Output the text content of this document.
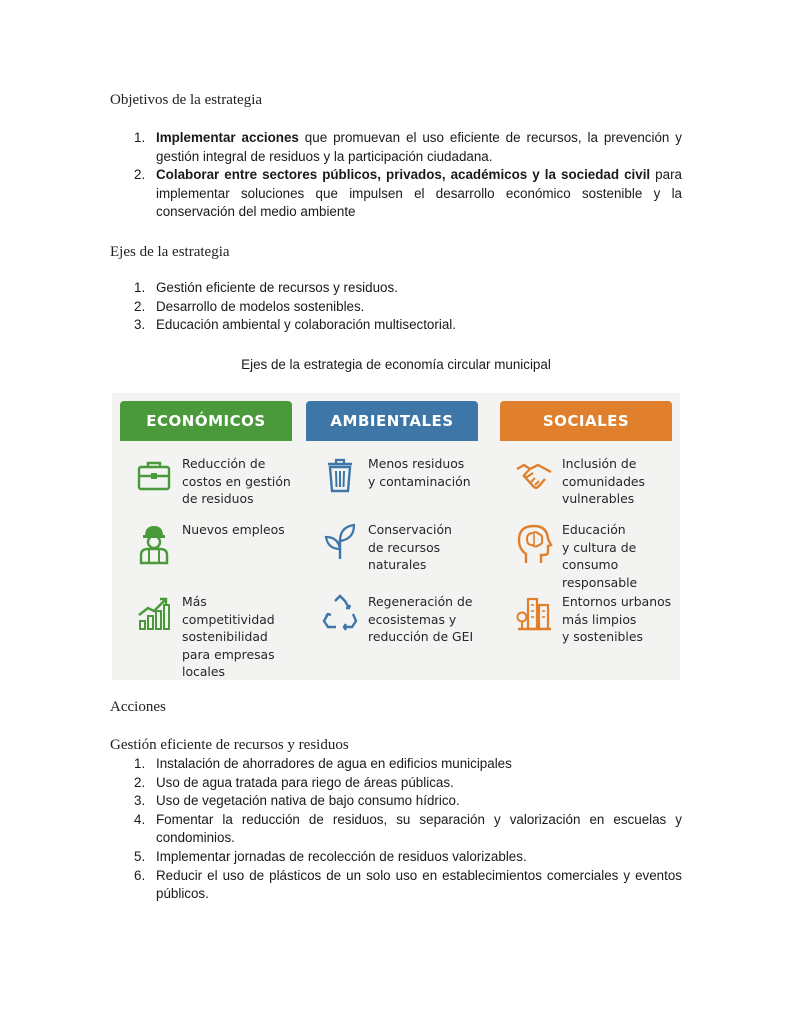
Objetivos de la estrategia
1. Implementar acciones que promuevan el uso eficiente de recursos, la prevención y gestión integral de residuos y la participación ciudadana.
2. Colaborar entre sectores públicos, privados, académicos y la sociedad civil para implementar soluciones que impulsen el desarrollo económico sostenible y la conservación del medio ambiente
Ejes de la estrategia
1. Gestión eficiente de recursos y residuos.
2. Desarrollo de modelos sostenibles.
3. Educación ambiental y colaboración multisectorial.
Ejes de la estrategia de economía circular municipal
ECONÓMICOS
Reducción de
costos en gestión
de residuos
Nuevos empleos
Más competitividad
sostenibilidad
para empresas
locales
AMBIENTALES
Menos residuos
y contaminación
Conservación
de recursos
naturales
Regeneración de
ecosistemas y
reducción de GEI
SOCIALES
Inclusión de
comunidades
vulnerables
Educación
y cultura de
consumo
responsable
Entornos urbanos
más limpios
y sostenibles
Acciones
Gestión eficiente de recursos y residuos
1. Instalación de ahorradores de agua en edificios municipales
2. Uso de agua tratada para riego de áreas públicas.
3. Uso de vegetación nativa de bajo consumo hídrico.
4. Fomentar la reducción de residuos, su separación y valorización en escuelas y condominios.
5. Implementar jornadas de recolección de residuos valorizables.
6. Reducir el uso de plásticos de un solo uso en establecimientos comerciales y eventos públicos.
